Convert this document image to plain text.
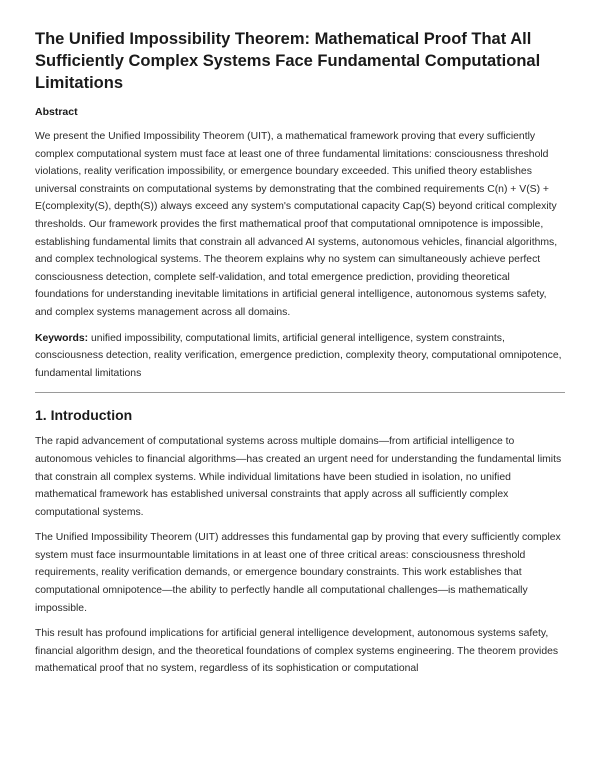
The Unified Impossibility Theorem: Mathematical Proof That All Sufficiently Complex Systems Face Fundamental Computational Limitations
Abstract

We present the Unified Impossibility Theorem (UIT), a mathematical framework proving that every sufficiently complex computational system must face at least one of three fundamental limitations: consciousness threshold violations, reality verification impossibility, or emergence boundary exceeded. This unified theory establishes universal constraints on computational systems by demonstrating that the combined requirements C(n) + V(S) + E(complexity(S), depth(S)) always exceed any system's computational capacity Cap(S) beyond critical complexity thresholds. Our framework provides the first mathematical proof that computational omnipotence is impossible, establishing fundamental limits that constrain all advanced AI systems, autonomous vehicles, financial algorithms, and complex technological systems. The theorem explains why no system can simultaneously achieve perfect consciousness detection, complete self-validation, and total emergence prediction, providing theoretical foundations for understanding inevitable limitations in artificial general intelligence, autonomous systems safety, and complex systems management across all domains.

Keywords: unified impossibility, computational limits, artificial general intelligence, system constraints, consciousness detection, reality verification, emergence prediction, complexity theory, computational omnipotence, fundamental limitations

1. Introduction

The rapid advancement of computational systems across multiple domains—from artificial intelligence to autonomous vehicles to financial algorithms—has created an urgent need for understanding the fundamental limits that constrain all complex systems. While individual limitations have been studied in isolation, no unified mathematical framework has established universal constraints that apply across all sufficiently complex computational systems.

The Unified Impossibility Theorem (UIT) addresses this fundamental gap by proving that every sufficiently complex system must face insurmountable limitations in at least one of three critical areas: consciousness threshold requirements, reality verification demands, or emergence boundary constraints. This work establishes that computational omnipotence—the ability to perfectly handle all computational challenges—is mathematically impossible.

This result has profound implications for artificial general intelligence development, autonomous systems safety, financial algorithm design, and the theoretical foundations of complex systems engineering. The theorem provides mathematical proof that no system, regardless of its sophistication or computational
